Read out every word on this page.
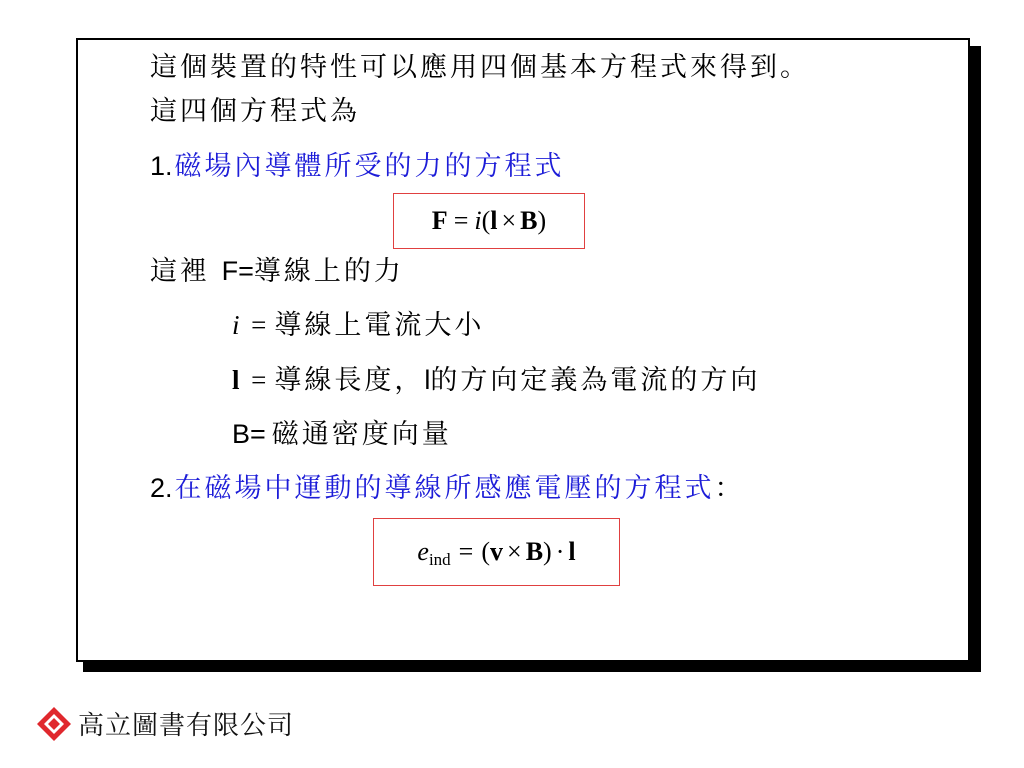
這個裝置的特性可以應用四個基本方程式來得到。
這四個方程式為
1.磁場內導體所受的力的方程式
F = i ( l × B )
這裡 F=導線上的力
i = 導線上電流大小
l = 導線長度，l的方向定義為電流的方向
B= 磁通密度向量
2.在磁場中運動的導線所感應電壓的方程式：
e ind = ( v × B ) · l
高立圖書有限公司
